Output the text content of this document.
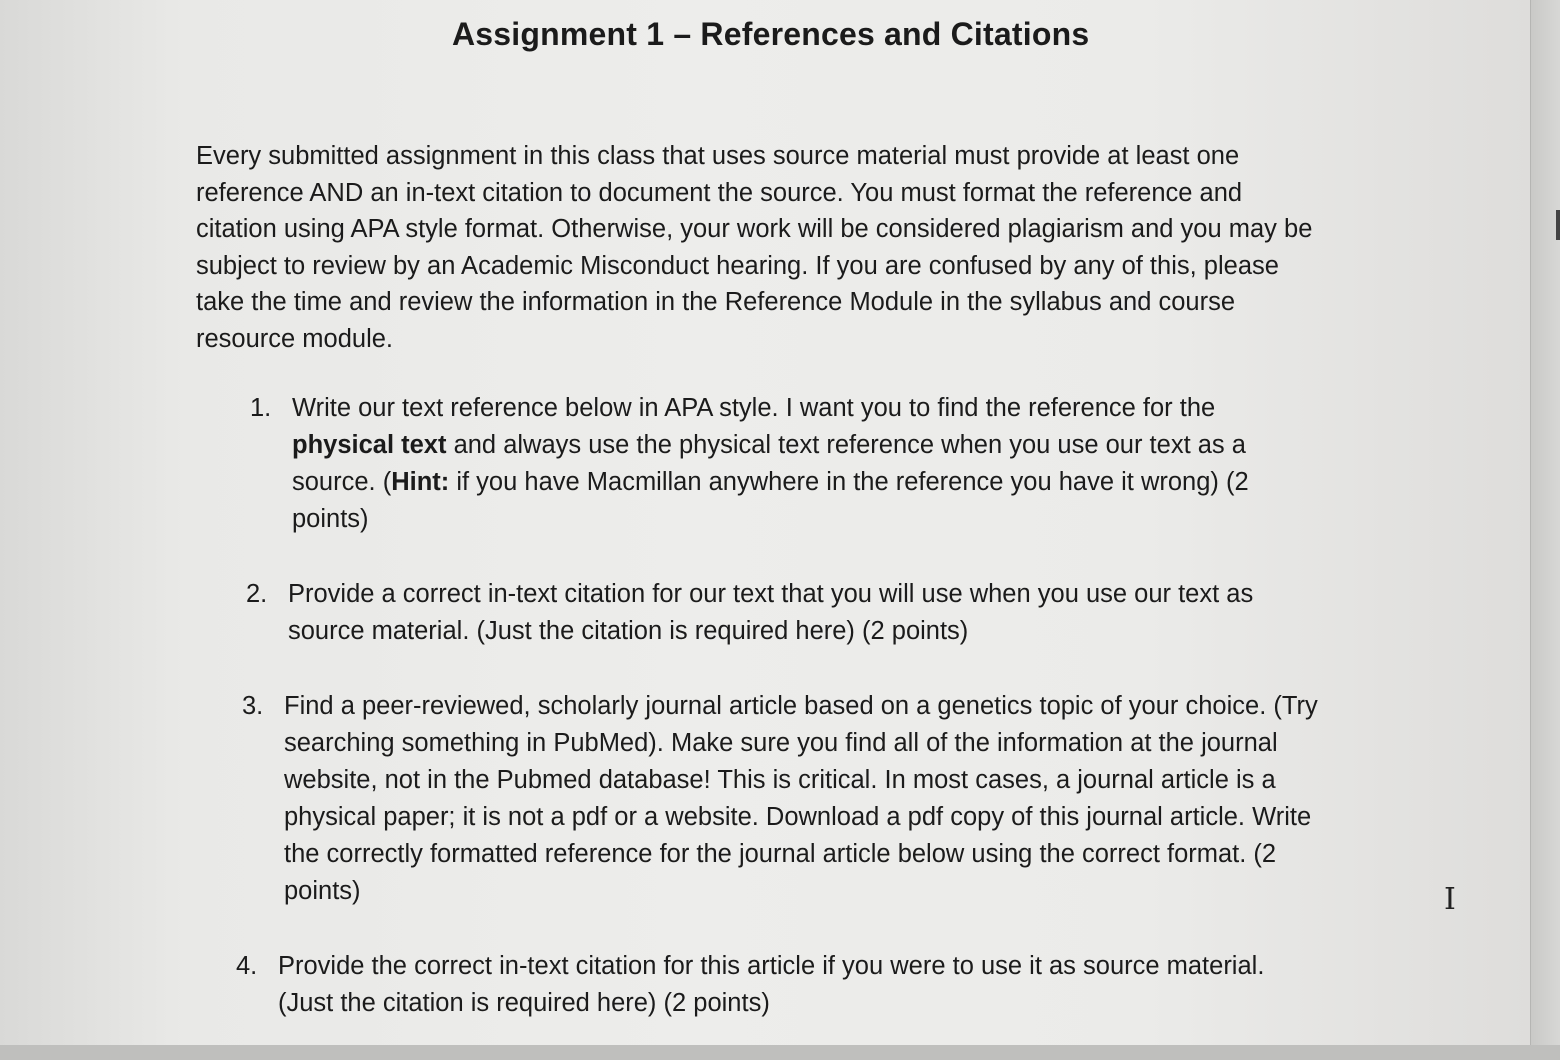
Assignment 1 – References and Citations
Every submitted assignment in this class that uses source material must provide at least one reference AND an in-text citation to document the source. You must format the reference and citation using APA style format. Otherwise, your work will be considered plagiarism and you may be subject to review by an Academic Misconduct hearing. If you are confused by any of this, please take the time and review the information in the Reference Module in the syllabus and course resource module.
1. Write our text reference below in APA style. I want you to find the reference for the physical text and always use the physical text reference when you use our text as a source. (Hint: if you have Macmillan anywhere in the reference you have it wrong) (2 points)
2. Provide a correct in-text citation for our text that you will use when you use our text as source material. (Just the citation is required here) (2 points)
3. Find a peer-reviewed, scholarly journal article based on a genetics topic of your choice. (Try searching something in PubMed). Make sure you find all of the information at the journal website, not in the Pubmed database! This is critical. In most cases, a journal article is a physical paper; it is not a pdf or a website. Download a pdf copy of this journal article. Write the correctly formatted reference for the journal article below using the correct format. (2 points)
4. Provide the correct in-text citation for this article if you were to use it as source material. (Just the citation is required here) (2 points)
I
